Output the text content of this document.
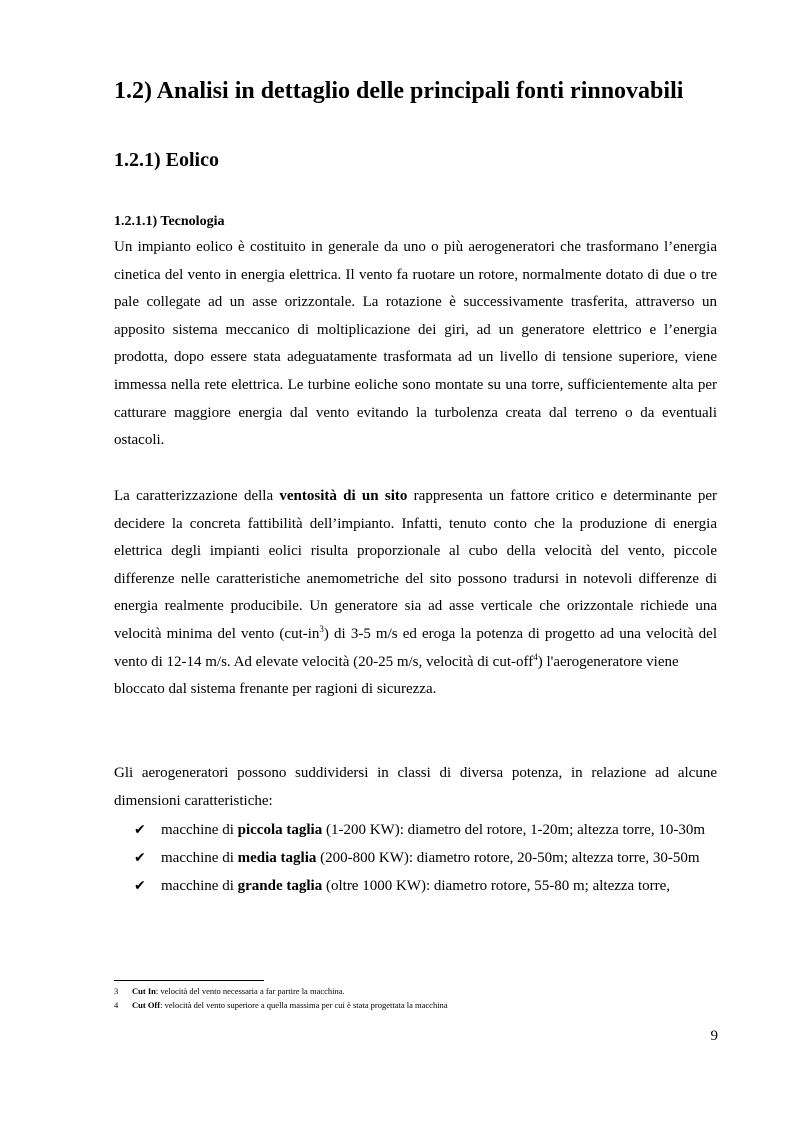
1.2) Analisi in dettaglio delle principali fonti rinnovabili
1.2.1) Eolico
1.2.1.1) Tecnologia
Un impianto eolico è costituito in generale da uno o più aerogeneratori che trasformano l’energia cinetica del vento in energia elettrica. Il vento fa ruotare un rotore, normalmente dotato di due o tre pale collegate ad un asse orizzontale. La rotazione è successivamente trasferita, attraverso un apposito sistema meccanico di moltiplicazione dei giri, ad un generatore elettrico e l’energia prodotta, dopo essere stata adeguatamente trasformata ad un livello di tensione superiore, viene immessa nella rete elettrica. Le turbine eoliche sono montate su una torre, sufficientemente alta per catturare maggiore energia dal vento evitando la turbolenza creata dal terreno o da eventuali ostacoli.
La caratterizzazione della ventosità di un sito rappresenta un fattore critico e determinante per decidere la concreta fattibilità dell’impianto. Infatti, tenuto conto che la produzione di energia elettrica degli impianti eolici risulta proporzionale al cubo della velocità del vento, piccole differenze nelle caratteristiche anemometriche del sito possono tradursi in notevoli differenze di energia realmente producibile. Un generatore sia ad asse verticale che orizzontale richiede una velocità minima del vento $(cut-in^3)$ di 3-5 m/s ed eroga la potenza di progetto ad una velocità del vento di 12-14 m/s. Ad elevate velocità (20-25 m/s, velocità di cut-off$^4$) l'aerogeneratore viene
bloccato dal sistema frenante per ragioni di sicurezza.
Gli aerogeneratori possono suddividersi in classi di diversa potenza, in relazione ad alcune dimensioni caratteristiche:
✔ macchine di piccola taglia (1-200 KW): diametro del rotore, 1-20m; altezza torre, 10-30m
✔ macchine di media taglia (200-800 KW): diametro rotore, 20-50m; altezza torre, 30-50m
✔ macchine di grande taglia (oltre 1000 KW): diametro rotore, 55-80 m; altezza torre,
3 Cut In: velocità del vento necessaria a far partire la macchina.
4 Cut Off: velocità del vento superiore a quella massima per cui è stata progettata la macchina
9
